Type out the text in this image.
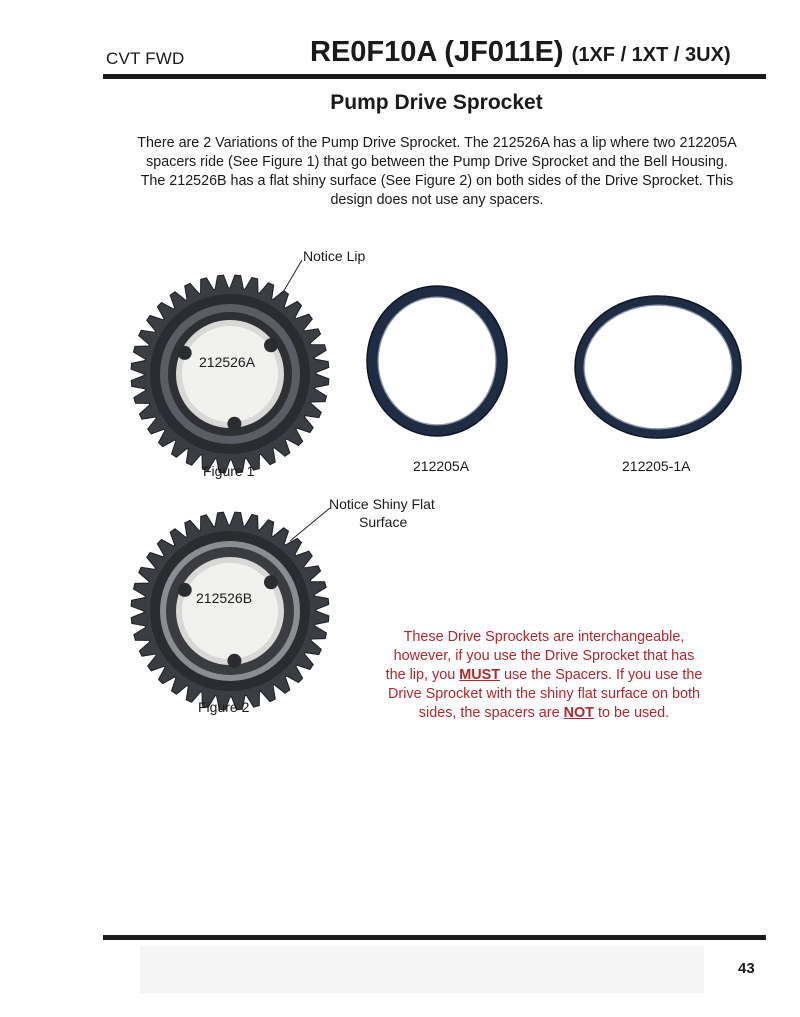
CVT FWD	RE0F10A (JF011E) (1XF / 1XT / 3UX)
Pump Drive Sprocket
There are 2 Variations of the Pump Drive Sprocket. The 212526A has a lip where two 212205A spacers ride (See Figure 1) that go between the Pump Drive Sprocket and the Bell Housing. The 212526B has a flat shiny surface (See Figure 2) on both sides of the Drive Sprocket. This design does not use any spacers.
Notice Lip
212526A
Figure 1	212205A	212205-1A
Notice Shiny Flat
Surface
212526B
Figure 2
These Drive Sprockets are interchangeable,
however, if you use the Drive Sprocket that has
the lip, you MUST use the Spacers. If you use the
Drive Sprocket with the shiny flat surface on both
sides, the spacers are NOT to be used.
43
